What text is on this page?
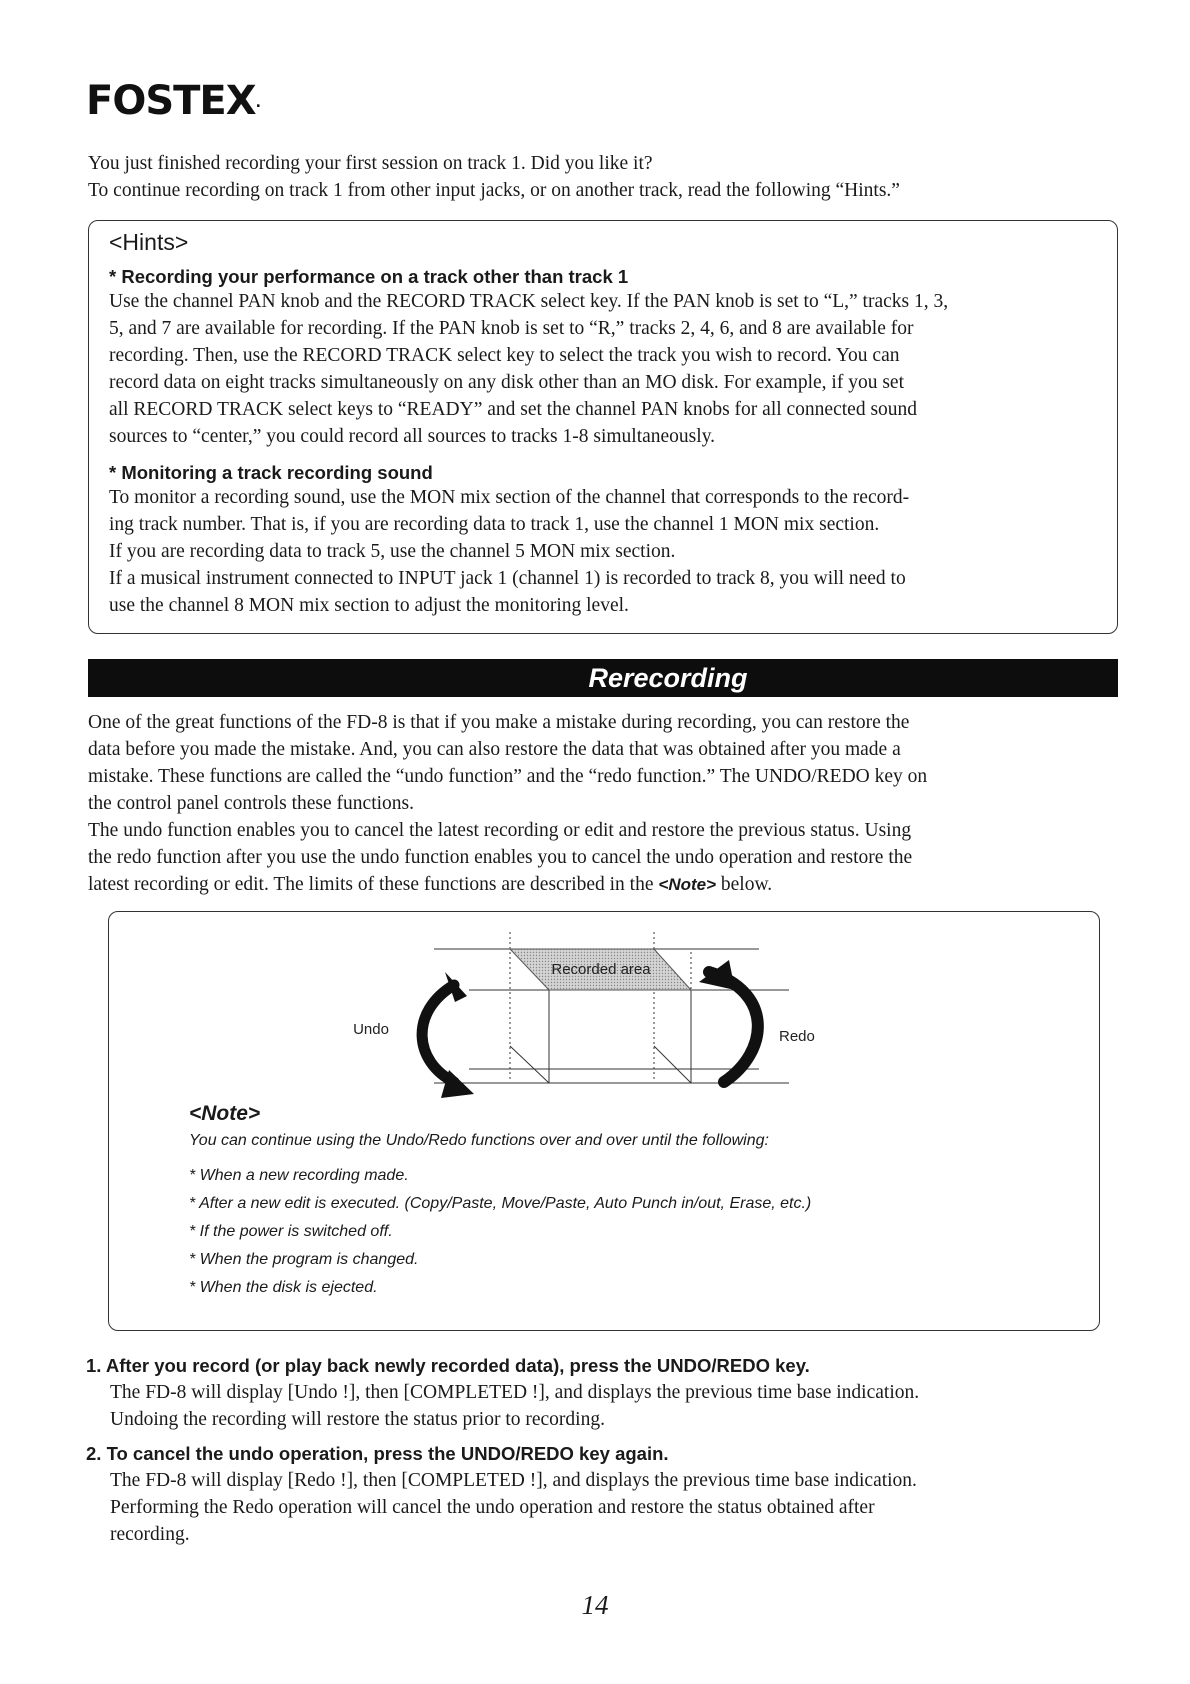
FOSTEX.

You just finished recording your first session on track 1. Did you like it?

To continue recording on track 1 from other input jacks, or on another track, read the following “Hints.”

<Hints>
* Recording your performance on a track other than track 1

Use the channel PAN knob and the RECORD TRACK select key. If the PAN knob is set to “L,” tracks 1, 3,

5, and 7 are available for recording. If the PAN knob is set to “R,” tracks 2, 4, 6, and 8 are available for

recording. Then, use the RECORD TRACK select key to select the track you wish to record. You can

record data on eight tracks simultaneously on any disk other than an MO disk. For example, if you set

all RECORD TRACK select keys to “READY” and set the channel PAN knobs for all connected sound

sources to “center,” you could record all sources to tracks 1-8 simultaneously.

* Monitoring a track recording sound

To monitor a recording sound, use the MON mix section of the channel that corresponds to the record-

ing track number. That is, if you are recording data to track 1, use the channel 1 MON mix section.

If you are recording data to track 5, use the channel 5 MON mix section.

If a musical instrument connected to INPUT jack 1 (channel 1) is recorded to track 8, you will need to

use the channel 8 MON mix section to adjust the monitoring level.

Rerecording

One of the great functions of the FD-8 is that if you make a mistake during recording, you can restore the

data before you made the mistake. And, you can also restore the data that was obtained after you made a

mistake. These functions are called the “undo function” and the “redo function.” The UNDO/REDO key on

the control panel controls these functions.

The undo function enables you to cancel the latest recording or edit and restore the previous status. Using

the redo function after you use the undo function enables you to cancel the undo operation and restore the

latest recording or edit. The limits of these functions are described in the <Note> below.

Recorded area
Undo	Redo
<Note>
You can continue using the Undo/Redo functions over and over until the following:
* When a new recording made.
* After a new edit is executed. (Copy/Paste, Move/Paste, Auto Punch in/out, Erase, etc.)
* If the power is switched off.
* When the program is changed.
* When the disk is ejected.
1. After you record (or play back newly recorded data), press the UNDO/REDO key.

The FD-8 will display [Undo !], then [COMPLETED !], and displays the previous time base indication.

Undoing the recording will restore the status prior to recording.

2. To cancel the undo operation, press the UNDO/REDO key again.

The FD-8 will display [Redo !], then [COMPLETED !], and displays the previous time base indication.

Performing the Redo operation will cancel the undo operation and restore the status obtained after

recording.

14
